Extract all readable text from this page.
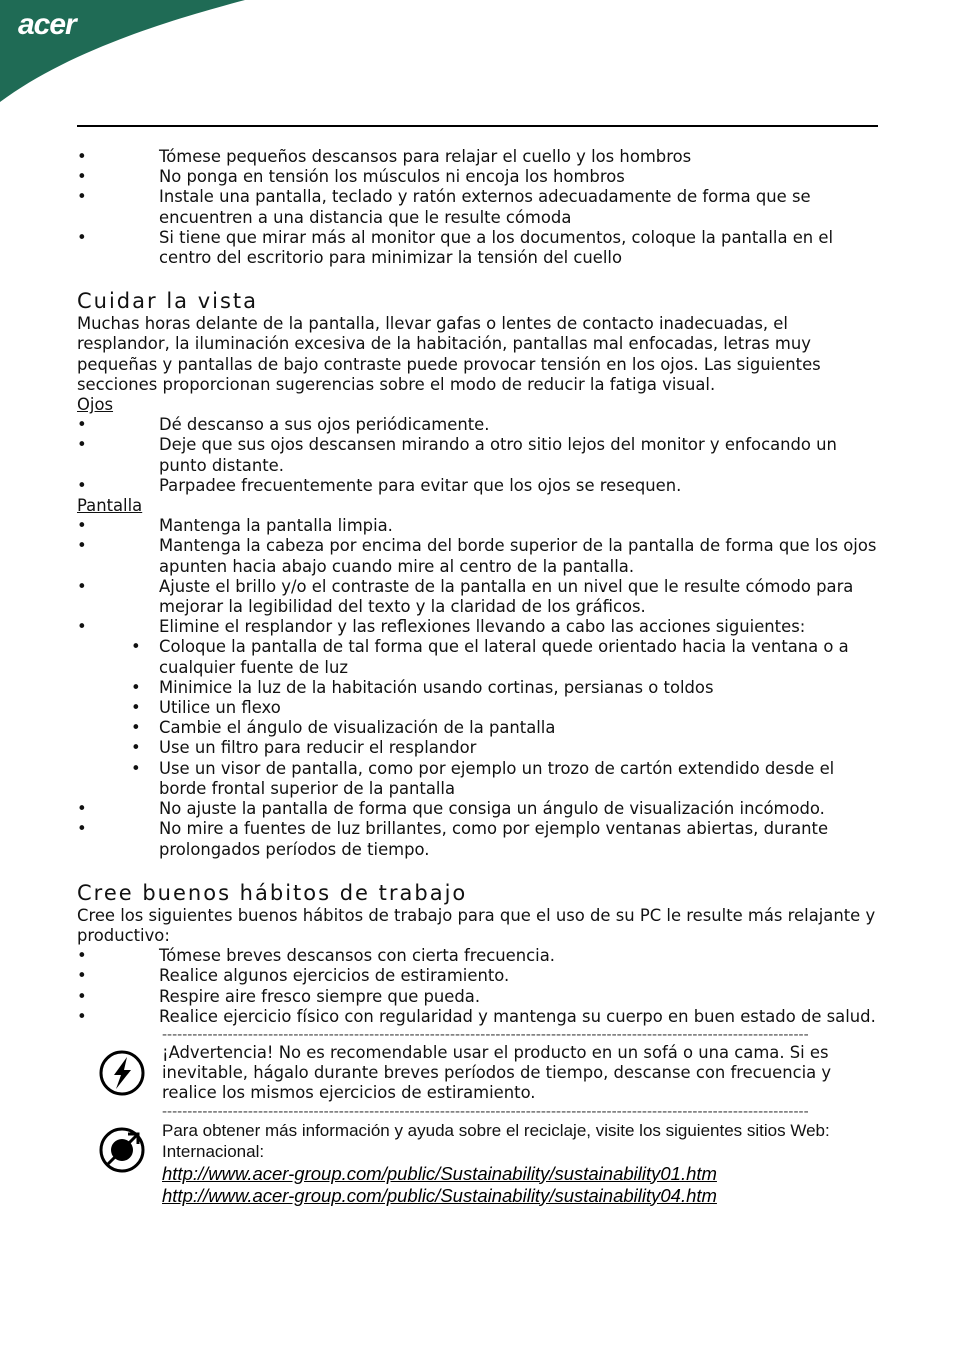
acer
•	Tómese pequeños descansos para relajar el cuello y los hombros
•	No ponga en tensión los músculos ni encoja los hombros
•	Instale una pantalla, teclado y ratón externos adecuadamente de forma que se encuentren a una distancia que le resulte cómoda
•	Si tiene que mirar más al monitor que a los documentos, coloque la pantalla en el centro del escritorio para minimizar la tensión del cuello
Cuidar la vista

Muchas horas delante de la pantalla, llevar gafas o lentes de contacto inadecuadas, el resplandor, la iluminación excesiva de la habitación, pantallas mal enfocadas, letras muy pequeñas y pantallas de bajo contraste puede provocar tensión en los ojos. Las siguientes secciones proporcionan sugerencias sobre el modo de reducir la fatiga visual.

Ojos
•	Dé descanso a sus ojos periódicamente.
•	Deje que sus ojos descansen mirando a otro sitio lejos del monitor y enfocando un punto distante.
•	Parpadee frecuentemente para evitar que los ojos se resequen.
Pantalla
•	Mantenga la pantalla limpia.
•	Mantenga la cabeza por encima del borde superior de la pantalla de forma que los ojos apunten hacia abajo cuando mire al centro de la pantalla.
•	Ajuste el brillo y/o el contraste de la pantalla en un nivel que le resulte cómodo para mejorar la legibilidad del texto y la claridad de los gráficos.
•	Elimine el resplandor y las reflexiones llevando a cabo las acciones siguientes:
• Coloque la pantalla de tal forma que el lateral quede orientado hacia la ventana o a cualquier fuente de luz
• Minimice la luz de la habitación usando cortinas, persianas o toldos
• Utilice un flexo
• Cambie el ángulo de visualización de la pantalla
• Use un filtro para reducir el resplandor
• Use un visor de pantalla, como por ejemplo un trozo de cartón extendido desde el borde frontal superior de la pantalla
•	No ajuste la pantalla de forma que consiga un ángulo de visualización incómodo.
•	No mire a fuentes de luz brillantes, como por ejemplo ventanas abiertas, durante prolongados períodos de tiempo.
Cree buenos hábitos de trabajo

Cree los siguientes buenos hábitos de trabajo para que el uso de su PC le resulte más relajante y productivo:

•	Tómese breves descansos con cierta frecuencia.
•	Realice algunos ejercicios de estiramiento.
•	Respire aire fresco siempre que pueda.
•	Realice ejercicio físico con regularidad y mantenga su cuerpo en buen estado de salud.
--------------------------------------------------------------------------------------------------------------------------------

¡Advertencia! No es recomendable usar el producto en un sofá o una cama. Si es inevitable, hágalo durante breves períodos de tiempo, descanse con frecuencia y realice los mismos ejercicios de estiramiento.

--------------------------------------------------------------------------------------------------------------------------------
Para obtener más información y ayuda sobre el reciclaje, visite los siguientes sitios Web:
Internacional:
http://www.acer-group.com/public/Sustainability/sustainability01.htm
http://www.acer-group.com/public/Sustainability/sustainability04.htm
